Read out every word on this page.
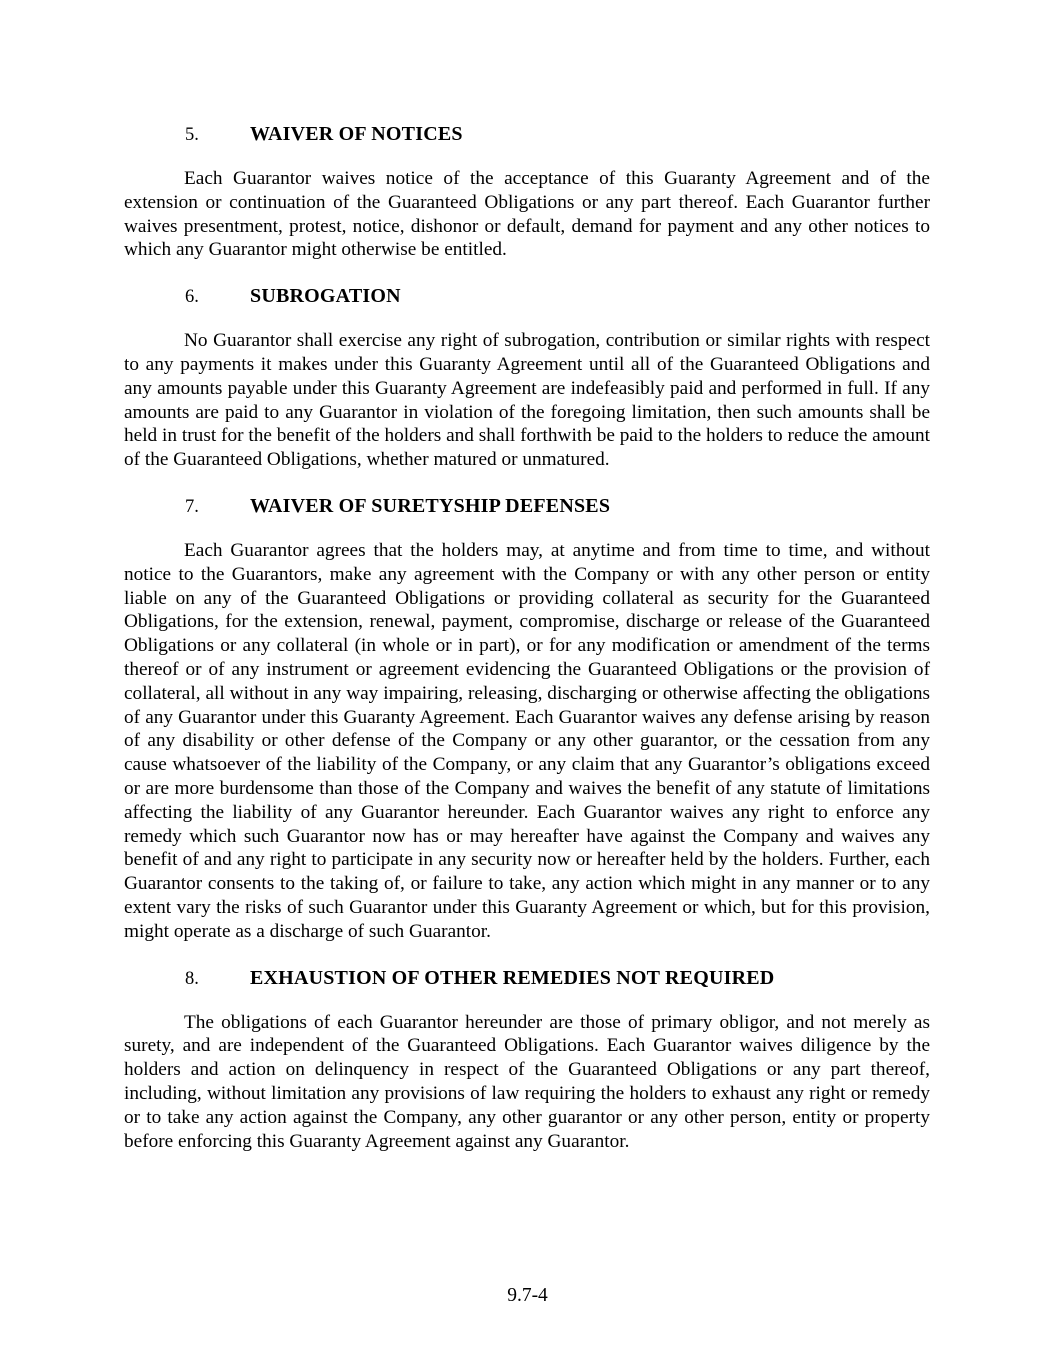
5.	WAIVER OF NOTICES

Each Guarantor waives notice of the acceptance of this Guaranty Agreement and of the extension or continuation of the Guaranteed Obligations or any part thereof. Each Guarantor further waives presentment, protest, notice, dishonor or default, demand for payment and any other notices to which any Guarantor might otherwise be entitled.

6.	SUBROGATION

No Guarantor shall exercise any right of subrogation, contribution or similar rights with respect to any payments it makes under this Guaranty Agreement until all of the Guaranteed Obligations and any amounts payable under this Guaranty Agreement are indefeasibly paid and performed in full. If any amounts are paid to any Guarantor in violation of the foregoing limitation, then such amounts shall be held in trust for the benefit of the holders and shall forthwith be paid to the holders to reduce the amount of the Guaranteed Obligations, whether matured or unmatured.

7.	WAIVER OF SURETYSHIP DEFENSES

Each Guarantor agrees that the holders may, at anytime and from time to time, and without notice to the Guarantors, make any agreement with the Company or with any other person or entity liable on any of the Guaranteed Obligations or providing collateral as security for the Guaranteed Obligations, for the extension, renewal, payment, compromise, discharge or release of the Guaranteed Obligations or any collateral (in whole or in part), or for any modification or amendment of the terms thereof or of any instrument or agreement evidencing the Guaranteed Obligations or the provision of collateral, all without in any way impairing, releasing, discharging or otherwise affecting the obligations of any Guarantor under this Guaranty Agreement. Each Guarantor waives any defense arising by reason of any disability or other defense of the Company or any other guarantor, or the cessation from any cause whatsoever of the liability of the Company, or any claim that any Guarantor’s obligations exceed or are more burdensome than those of the Company and waives the benefit of any statute of limitations affecting the liability of any Guarantor hereunder. Each Guarantor waives any right to enforce any remedy which such Guarantor now has or may hereafter have against the Company and waives any benefit of and any right to participate in any security now or hereafter held by the holders. Further, each Guarantor consents to the taking of, or failure to take, any action which might in any manner or to any extent vary the risks of such Guarantor under this Guaranty Agreement or which, but for this provision, might operate as a discharge of such Guarantor.

8.	EXHAUSTION OF OTHER REMEDIES NOT REQUIRED

The obligations of each Guarantor hereunder are those of primary obligor, and not merely as surety, and are independent of the Guaranteed Obligations. Each Guarantor waives diligence by the holders and action on delinquency in respect of the Guaranteed Obligations or any part thereof, including, without limitation any provisions of law requiring the holders to exhaust any right or remedy or to take any action against the Company, any other guarantor or any other person, entity or property before enforcing this Guaranty Agreement against any Guarantor.

9.7-4
